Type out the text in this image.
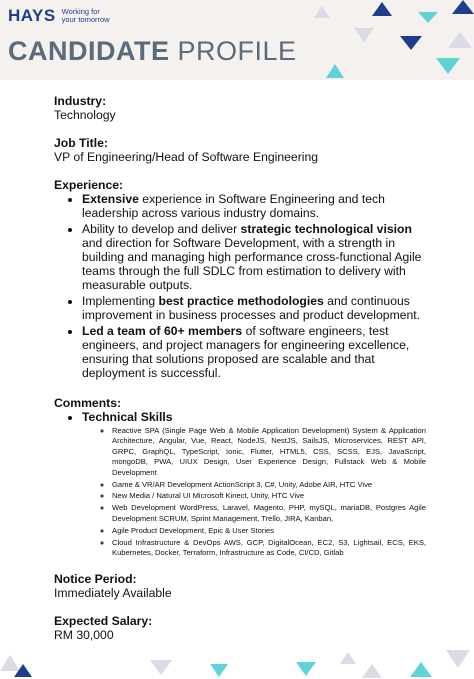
HAYS Working for
your tomorrow
CANDIDATE PROFILE
Industry:
Technology
Job Title:
VP of Engineering/Head of Software Engineering
Experience:
• Extensive experience in Software Engineering and tech leadership across various industry domains.
• Ability to develop and deliver strategic technological vision and direction for Software Development, with a strength in building and managing high performance cross-functional Agile teams through the full SDLC from estimation to delivery with measurable outputs.
• Implementing best practice methodologies and continuous improvement in business processes and product development.
• Led a team of 60+ members of software engineers, test engineers, and project managers for engineering excellence, ensuring that solutions proposed are scalable and that deployment is successful.
Comments:
• Technical Skills
◦ Reactive SPA (Single Page Web & Mobile Application Development) System & Application Architecture, Angular, Vue, React, NodeJS, NestJS, SailsJS, Microservices, REST API, GRPC, GraphQL, TypeScript, Ionic, Flutter, HTML5, CSS, SCSS, EJS, JavaScript, mongoDB, PWA, UIUX Design, User Experience Design, Fullstack Web & Mobile Development
◦ Game & VR/AR Development ActionScript 3, C#, Unity, Adobe AIR, HTC Vive
◦ New Media / Natural UI Microsoft Kinect, Unity, HTC Vive
◦ Web Development WordPress, Laravel, Magento, PHP, mySQL, mariaDB, Postgres Agile Development SCRUM, Sprint Management, Trello, JIRA, Kanban,
◦ Agile Product Development, Epic & User Stories
◦ Cloud Infrastructure & DevOps AWS, GCP, DigitalOcean, EC2, S3, Lightsail, ECS, EKS, Kubernetes, Docker, Terraform, Infrastructure as Code, CI/CD, Gitlab
Notice Period:
Immediately Available
Expected Salary:
RM 30,000
